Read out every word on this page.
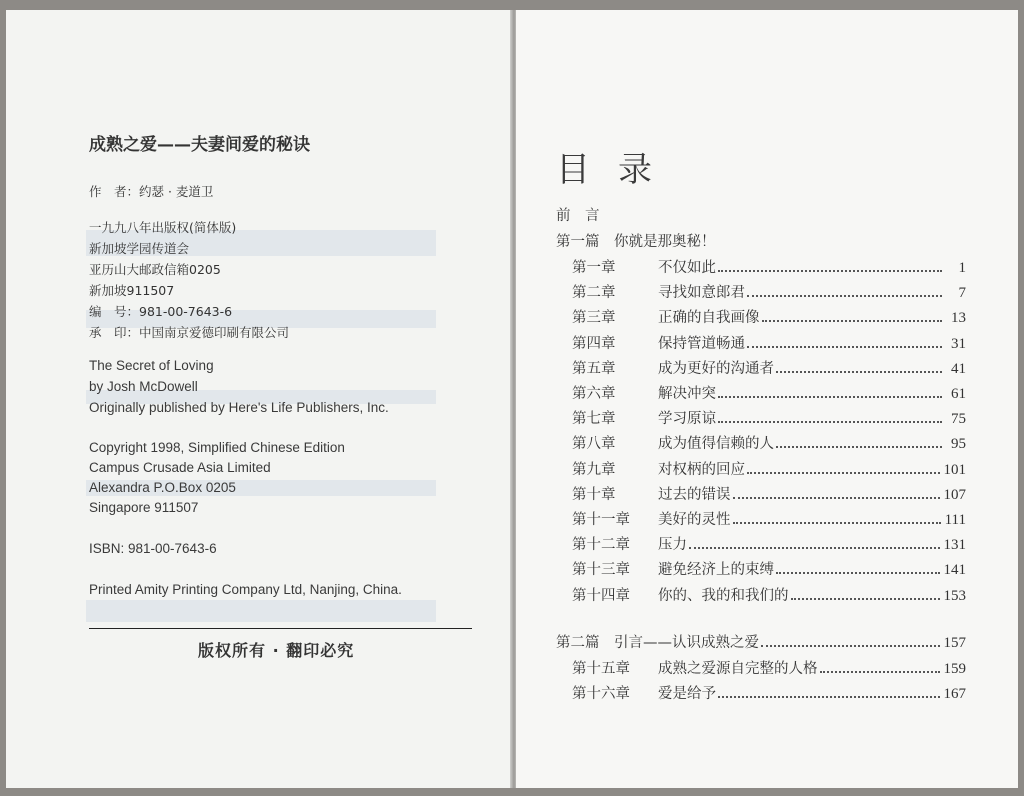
成熟之爱——夫妻间爱的秘诀
作　者：约瑟 · 麦道卫
一九九八年出版权(简体版)
新加坡学园传道会
亚历山大邮政信箱0205
新加坡911507
编　号：981-00-7643-6
承　印：中国南京爱德印刷有限公司
The Secret of Loving
by Josh McDowell
Originally published by Here's Life Publishers, Inc.
Copyright 1998, Simplified Chinese Edition
Campus Crusade Asia Limited
Alexandra P.O.Box 0205
Singapore 911507
ISBN: 981-00-7643-6
Printed Amity Printing Company Ltd, Nanjing, China.
版权所有 · 翻印必究
目 录
前　言
第一篇　你就是那奥秘！
第一章	不仅如此	1
第二章	寻找如意郎君	7
第三章	正确的自我画像	13
第四章	保持管道畅通	31
第五章	成为更好的沟通者	41
第六章	解决冲突	61
第七章	学习原谅	75
第八章	成为值得信赖的人	95
第九章	对权柄的回应	101
第十章	过去的错误	107
第十一章	美好的灵性	111
第十二章	压力	131
第十三章	避免经济上的束缚	141
第十四章	你的、我的和我们的	153
第二篇	引言——认识成熟之爱	157
第十五章	成熟之爱源自完整的人格	159
第十六章	爱是给予	167
